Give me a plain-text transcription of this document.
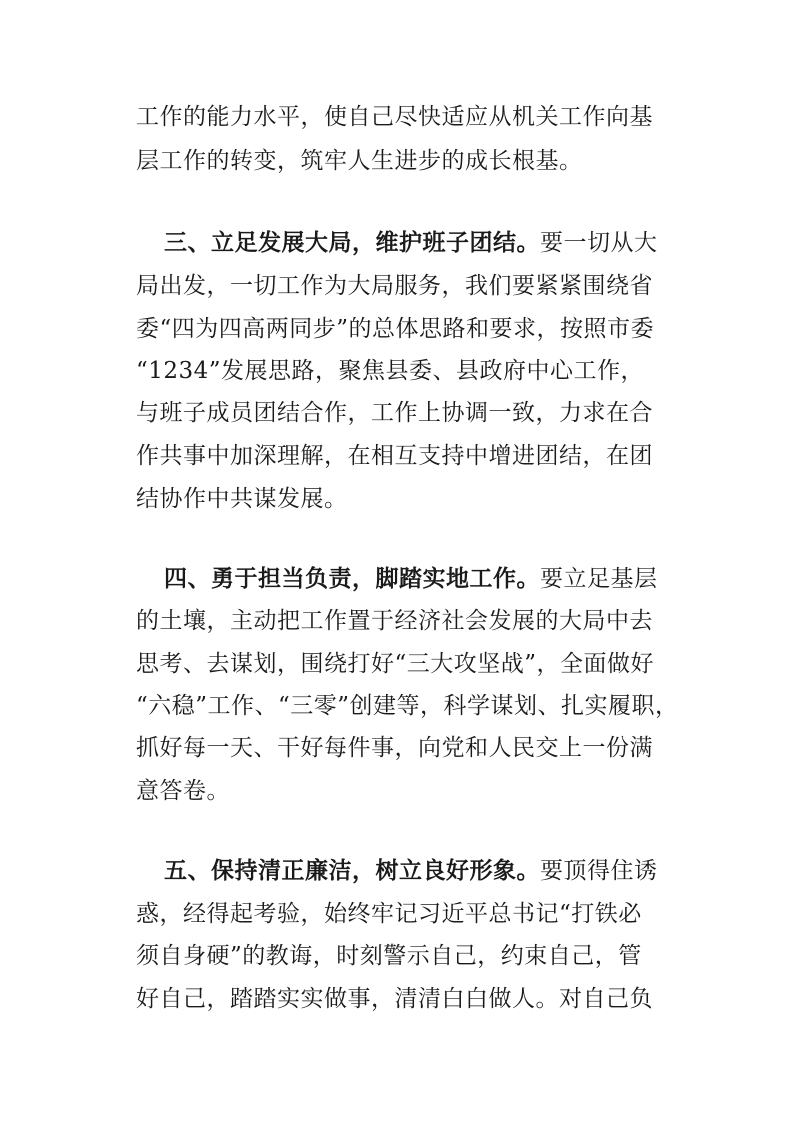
工作的能力水平，使自己尽快适应从机关工作向基

层工作的转变，筑牢人生进步的成长根基。

三、立足发展大局，维护班子团结。要一切从大

局出发，一切工作为大局服务，我们要紧紧围绕省

委“四为四高两同步”的总体思路和要求，按照市委

“1234”发展思路，聚焦县委、县政府中心工作，

与班子成员团结合作，工作上协调一致，力求在合

作共事中加深理解，在相互支持中增进团结，在团

结协作中共谋发展。

四、勇于担当负责，脚踏实地工作。要立足基层

的土壤，主动把工作置于经济社会发展的大局中去

思考、去谋划，围绕打好“三大攻坚战”，全面做好

“六稳”工作、“三零”创建等，科学谋划、扎实履职，

抓好每一天、干好每件事，向党和人民交上一份满

意答卷。

五、保持清正廉洁，树立良好形象。要顶得住诱

惑，经得起考验，始终牢记习近平总书记“打铁必

须自身硬”的教诲，时刻警示自己，约束自己，管

好自己，踏踏实实做事，清清白白做人。对自己负
